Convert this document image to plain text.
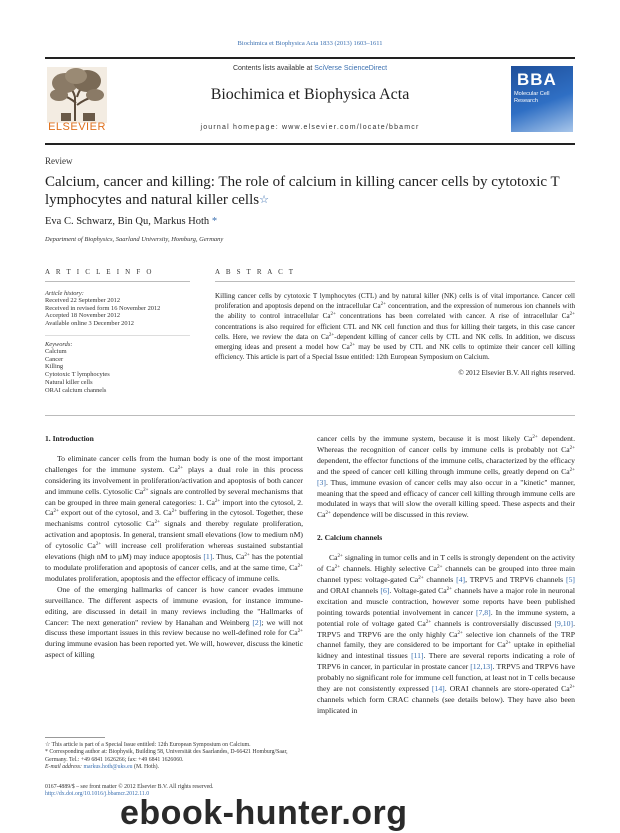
Biochimica et Biophysica Acta 1833 (2013) 1603–1611
ELSEVIER
Contents lists available at SciVerse ScienceDirect
Biochimica et Biophysica Acta
journal homepage: www.elsevier.com/locate/bbamcr
BBA
Molecular Cell Research
Review
Calcium, cancer and killing: The role of calcium in killing cancer cells by cytotoxic T lymphocytes and natural killer cells☆
Eva C. Schwarz, Bin Qu, Markus Hoth *
Department of Biophysics, Saarland University, Homburg, Germany
A R T I C L E I N F O
Article history:
Received 22 September 2012
Received in revised form 16 November 2012
Accepted 18 November 2012
Available online 3 December 2012
Keywords:
Calcium
Cancer
Killing
Cytotoxic T lymphocytes
Natural killer cells
ORAI calcium channels
A B S T R A C T
Killing cancer cells by cytotoxic T lymphocytes (CTL) and by natural killer (NK) cells is of vital importance. Cancer cell proliferation and apoptosis depend on the intracellular $Ca^{2+}$ concentration, and the expression of numerous ion channels with the ability to control intracellular $Ca^{2+}$ concentrations has been correlated with cancer. A rise of intracellular $Ca^{2+}$ concentrations is also required for efficient CTL and NK cell function and thus for killing their targets, in this case cancer cells. Here, we review the data on $Ca^{2+}$-dependent killing of cancer cells by CTL and NK cells. In addition, we discuss emerging ideas and present a model how $Ca^{2+}$ may be used by CTL and NK cells to optimize their cancer cell killing efficiency. This article is part of a Special Issue entitled: 12th European Symposium on Calcium.
© 2012 Elsevier B.V. All rights reserved.
1. Introduction

To eliminate cancer cells from the human body is one of the most important challenges for the immune system. $Ca^{2+}$ plays a dual role in this process considering its involvement in proliferation/activation and apoptosis of both cancer and immune cells. Cytosolic $Ca^{2+}$ signals are controlled by several mechanisms that can be grouped in three main general categories: 1. $Ca^{2+}$ import into the cytosol, 2. $Ca^{2+}$ export out of the cytosol, and 3. $Ca^{2+}$ buffering in the cytosol. Together, these mechanisms control cytosolic $Ca^{2+}$ signals and thereby regulate proliferation, activation and apoptosis. In general, transient small elevations (low to medium nM) of cytosolic $Ca^{2+}$ will increase cell proliferation whereas sustained substantial elevations (high nM to μM) may induce apoptosis [1]. Thus, $Ca^{2+}$ has the potential to modulate proliferation and apoptosis of cancer cells, and at the same time, $Ca^{2+}$ modulates proliferation, apoptosis and the effector efficacy of immune cells.

One of the emerging hallmarks of cancer is how cancer evades immune surveillance. The different aspects of immune evasion, for instance immune-editing, are discussed in detail in many reviews including the "Hallmarks of Cancer: The next generation" review by Hanahan and Weinberg [2]; we will not discuss these important issues in this review because no well-defined role for $Ca^{2+}$ during immune evasion has been reported yet. We will, however, discuss the kinetic aspect of killing

cancer cells by the immune system, because it is most likely $Ca^{2+}$ dependent. Whereas the recognition of cancer cells by immune cells is probably not $Ca^{2+}$ dependent, the effector functions of the immune cells, characterized by the efficacy and the speed of cancer cell killing through immune cells, greatly depend on $Ca^{2+}$ [3]. Thus, immune evasion of cancer cells may also occur in a "kinetic" manner, meaning that the speed and efficacy of cancer cell killing through immune cells are modulated in ways that will slow the overall killing speed. These aspects and their $Ca^{2+}$ dependence will be discussed in this review.

2. Calcium channels

$Ca^{2+}$ signaling in tumor cells and in T cells is strongly dependent on the activity of $Ca^{2+}$ channels. Highly selective $Ca^{2+}$ channels can be grouped into three main channel types: voltage-gated $Ca^{2+}$ channels [4], TRPV5 and TRPV6 channels [5] and ORAI channels [6]. Voltage-gated $Ca^{2+}$ channels have a major role in neuronal excitation and muscle contraction, however some reports have been published pointing towards potential involvement in cancer [7,8]. In the immune system, a potential role of voltage gated $Ca^{2+}$ channels is controversially discussed [9,10]. TRPV5 and TRPV6 are the only highly $Ca^{2+}$ selective ion channels of the TRP channel family, they are considered to be important for $Ca^{2+}$ uptake in epithelial kidney and intestinal tissues [11]. There are several reports indicating a role of TRPV6 in cancer, in particular in prostate cancer [12,13]. TRPV5 and TRPV6 have probably no significant role for immune cell function, at least not in T cells because they are not consistently expressed [14]. ORAI channels are store-operated $Ca^{2+}$ channels which form CRAC channels (see details below). They have also been implicated in

☆ This article is part of a Special Issue entitled: 12th European Symposium on Calcium.
* Corresponding author at: Biophysik, Building 58, Universität des Saarlandes, D-66421 Homburg/Saar, Germany. Tel.: +49 6841 1626266; fax: +49 6841 1626060.
E-mail address: markus.hoth@uks.eu (M. Hoth).
0167-4889/$ – see front matter © 2012 Elsevier B.V. All rights reserved.
http://dx.doi.org/10.1016/j.bbamcr.2012.11.0
ebook-hunter.org
